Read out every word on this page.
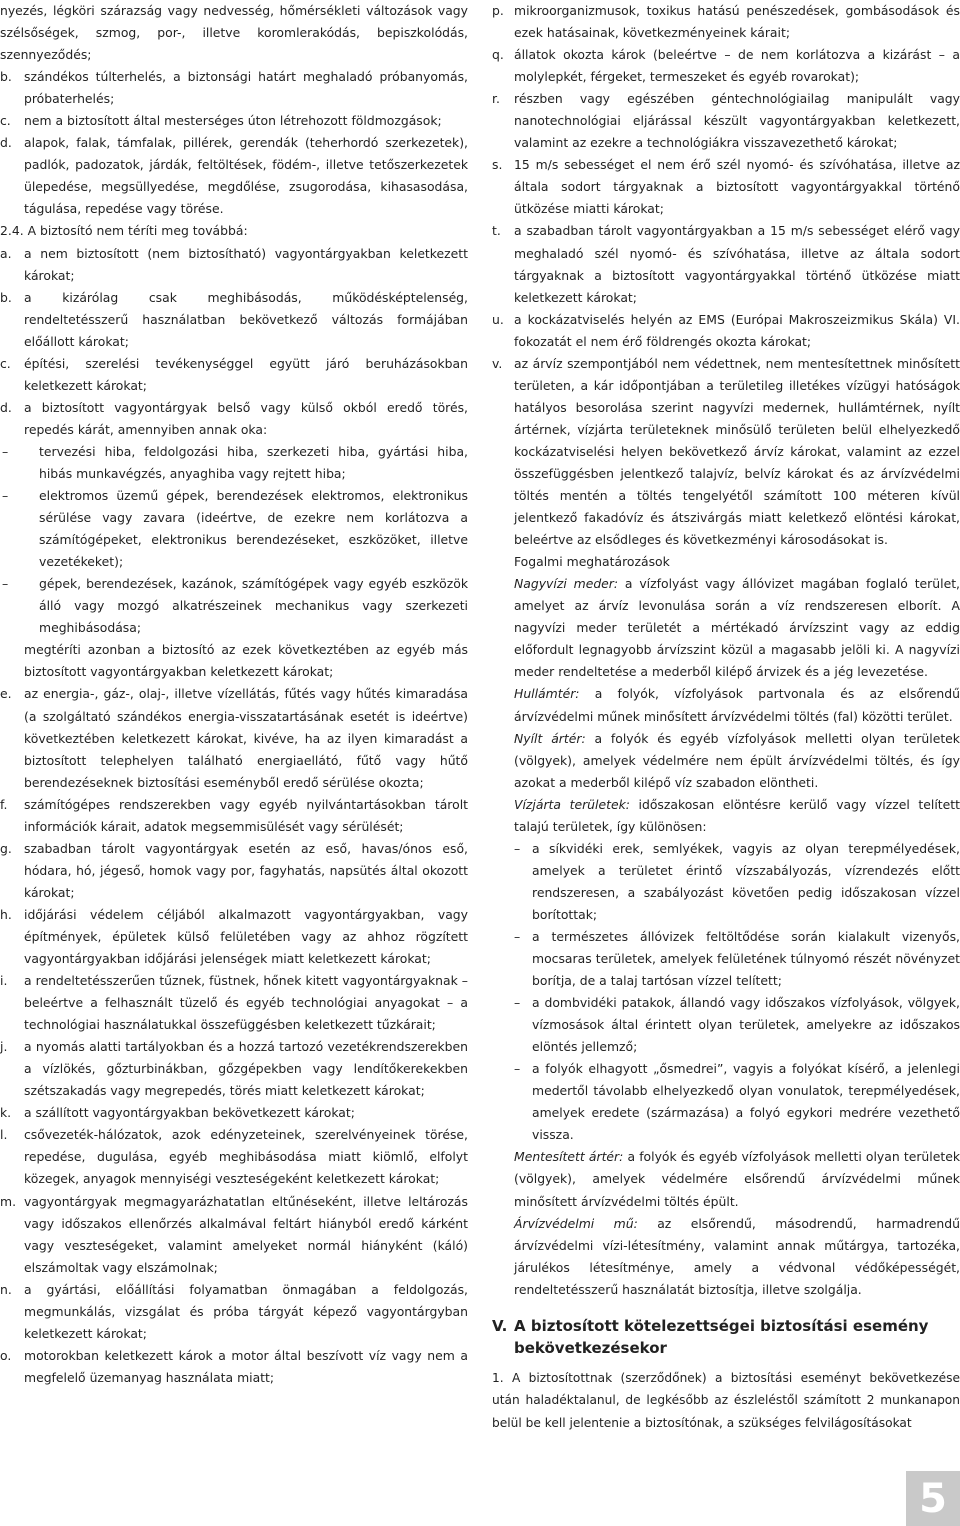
nyezés, légköri szárazság vagy nedvesség, hőmérsékleti változások vagy szélsőségek, szmog, por-, illetve koromlerakódás, bepiszkolódás, szennyeződés;
b. szándékos túlterhelés, a biztonsági határt meghaladó próbanyomás, próbaterhelés;
c.	nem a biztosított által mesterséges úton létrehozott földmozgások;
d. alapok, falak, támfalak, pillérek, gerendák (teherhordó szerkezetek), padlók, padozatok, járdák, feltöltések, födém-, illetve tetőszerkezetek ülepedése, megsüllyedése, megdőlése, zsugorodása, kihasasodása, tágulása, repedése vagy törése.
2.4. A biztosító nem téríti meg továbbá:
a.	a nem biztosított (nem biztosítható) vagyontárgyakban keletkezett károkat;
b. a kizárólag csak meghibásodás, működésképtelenség, rendeltetésszerű használatban bekövetkező változás formájában előállott károkat;
c.	építési, szerelési tevékenységgel együtt járó beruházásokban keletkezett károkat;
d. a biztosított vagyontárgyak belső vagy külső okból eredő törés, repedés kárát, amennyiben annak oka:
–	tervezési hiba, feldolgozási hiba, szerkezeti hiba, gyártási hiba, hibás munkavégzés, anyaghiba vagy rejtett hiba;
–	elektromos üzemű gépek, berendezések elektromos, elektronikus sérülése vagy zavara (ideértve, de ezekre nem korlátozva a számítógépeket, elektronikus berendezéseket, eszközöket, illetve vezetékeket);
–	gépek, berendezések, kazánok, számítógépek vagy egyéb eszközök álló vagy mozgó alkatrészeinek mechanikus vagy szerkezeti meghibásodása;
megtéríti azonban a biztosító az ezek következtében az egyéb más biztosított vagyontárgyakban keletkezett károkat;
e.	az energia-, gáz-, olaj-, illetve vízellátás, fűtés vagy hűtés kimaradása (a szolgáltató szándékos energia-visszatartásának esetét is ideértve) következtében keletkezett károkat, kivéve, ha az ilyen kimaradást a biztosított telephelyen található energiaellátó, fűtő vagy hűtő berendezéseknek biztosítási eseményből eredő sérülése okozta;
f.	számítógépes rendszerekben vagy egyéb nyilvántartásokban tárolt információk kárait, adatok megsemmisülését vagy sérülését;
g. szabadban tárolt vagyontárgyak esetén az eső, havas/ónos eső, hódara, hó, jégeső, homok vagy por, fagyhatás, napsütés által okozott károkat;
h. időjárási védelem céljából alkalmazott vagyontárgyakban, vagy építmények, épületek külső felületében vagy az ahhoz rögzített vagyontárgyakban időjárási jelenségek miatt keletkezett károkat;
i.	a rendeltetésszerűen tűznek, füstnek, hőnek kitett vagyontárgyaknak – beleértve a felhasznált tüzelő és egyéb technológiai anyagokat – a technológiai használatukkal összefüggésben keletkezett tűzkárait;
j.	a nyomás alatti tartályokban és a hozzá tartozó vezetékrendszerekben a vízlökés, gőzturbinákban, gőzgépekben vagy lendítőkerekekben szétszakadás vagy megrepedés, törés miatt keletkezett károkat;
k.	a szállított vagyontárgyakban bekövetkezett károkat;
l.	csővezeték-hálózatok, azok edényzeteinek, szerelvényeinek törése, repedése, dugulása, egyéb meghibásodása miatt kiömlő, elfolyt közegek, anyagok mennyiségi veszteségeként keletkezett károkat;
m. vagyontárgyak megmagyarázhatatlan eltűnéseként, illetve leltározás vagy időszakos ellenőrzés alkalmával feltárt hiányból eredő kárként vagy veszteségeket, valamint amelyeket normál hiányként (káló) elszámoltak vagy elszámolnak;
n. a gyártási, előállítási folyamatban önmagában a feldolgozás, megmunkálás, vizsgálat és próba tárgyát képező vagyontárgyban keletkezett károkat;
o.	motorokban keletkezett károk a motor által beszívott víz vagy nem a megfelelő üzemanyag használata miatt;
p. mikroorganizmusok, toxikus hatású penészedések, gombásodások és ezek hatásainak, következményeinek kárait;
q. állatok okozta károk (beleértve – de nem korlátozva a kizárást – a molylepkét, férgeket, termeszeket és egyéb rovarokat);
r.	részben vagy egészében géntechnológiailag manipulált vagy nanotechnológiai eljárással készült vagyontárgyakban keletkezett, valamint az ezekre a technológiákra visszavezethető károkat;
s. 15 m/s sebességet el nem érő szél nyomó- és szívóhatása, illetve az általa sodort tárgyaknak a biztosított vagyontárgyakkal történő ütközése miatti károkat;
t.	a szabadban tárolt vagyontárgyakban a 15 m/s sebességet elérő vagy meghaladó szél nyomó- és szívóhatása, illetve az általa sodort tárgyaknak a biztosított vagyontárgyakkal történő ütközése miatt keletkezett károkat;
u. a kockázatviselés helyén az EMS (Európai Makroszeizmikus Skála) VI. fokozatát el nem érő földrengés okozta károkat;
v. az árvíz szempontjából nem védettnek, nem mentesítettnek minősített területen, a kár időpontjában a területileg illetékes vízügyi hatóságok hatályos besorolása szerint nagyvízi medernek, hullámtérnek, nyílt ártérnek, vízjárta területeknek minősülő területen belül elhelyezkedő kockázatviselési helyen bekövetkező árvíz károkat, valamint az ezzel összefüggésben jelentkező talajvíz, belvíz károkat és az árvízvédelmi töltés mentén a töltés tengelyétől számított 100 méteren kívül jelentkező fakadóvíz és átszivárgás miatt keletkező elöntési károkat, beleértve az elsődleges és következményi károsodásokat is.

Fogalmi meghatározások

Nagyvízi meder: a vízfolyást vagy állóvizet magában foglaló terület, amelyet az árvíz levonulása során a víz rendszeresen elborít. A nagyvízi meder területét a mértékadó árvízszint vagy az eddig előfordult legnagyobb árvízszint közül a magasabb jelöli ki. A nagyvízi meder rendeltetése a mederből kilépő árvizek és a jég levezetése.

Hullámtér: a folyók, vízfolyások partvonala és az elsőrendű árvízvédelmi műnek minősített árvízvédelmi töltés (fal) közötti terület.

Nyílt ártér: a folyók és egyéb vízfolyások melletti olyan területek (völgyek), amelyek védelmére nem épült árvízvédelmi töltés, és így azokat a mederből kilépő víz szabadon elöntheti.

Vízjárta területek: időszakosan elöntésre kerülő vagy vízzel telített talajú területek, így különösen:

– a síkvidéki erek, semlyékek, vagyis az olyan terepmélyedések, amelyek a területet érintő vízszabályozás, vízrendezés előtt rendszeresen, a szabályozást követően pedig időszakosan vízzel borítottak;
– a természetes állóvizek feltöltődése során kialakult vizenyős, mocsaras területek, amelyek felületének túlnyomó részét növényzet borítja, de a talaj tartósan vízzel telített;
– a dombvidéki patakok, állandó vagy időszakos vízfolyások, völgyek, vízmosások által érintett olyan területek, amelyekre az időszakos elöntés jellemző;
– a folyók elhagyott „ősmedrei”, vagyis a folyókat kísérő, a jelenlegi medertől távolabb elhelyezkedő olyan vonulatok, terepmélyedések, amelyek eredete (származása) a folyó egykori medrére vezethető vissza.

Mentesített ártér: a folyók és egyéb vízfolyások melletti olyan területek (völgyek), amelyek védelmére elsőrendű árvízvédelmi műnek minősített árvízvédelmi töltés épült.

Árvízvédelmi mű: az elsőrendű, másodrendű, harmadrendű árvízvédelmi vízi-létesítmény, valamint annak műtárgya, tartozéka, járulékos létesítménye, amely a védvonal védőképességét, rendeltetésszerű használatát biztosítja, illetve szolgálja.

V. A biztosított kötelezettségei biztosítási esemény bekövetkezésekor
1. A biztosítottnak (szerződőnek) a biztosítási eseményt bekövetkezése után haladéktalanul, de legkésőbb az észleléstől számított 2 munkanapon belül be kell jelentenie a biztosítónak, a szükséges felvilágosításokat
5
